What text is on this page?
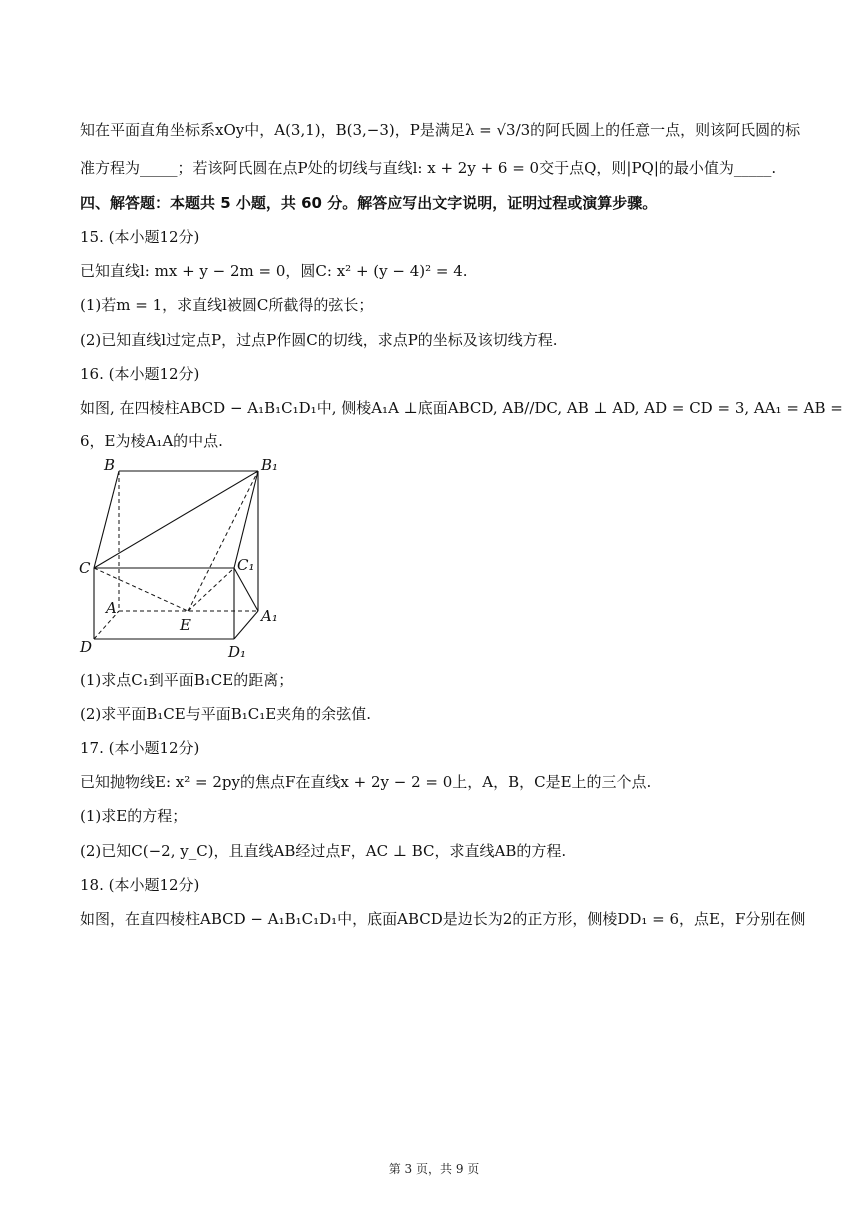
知在平面直角坐标系xOy中，A(3,1)，B(3,−3)，P是满足λ = √3/3的阿氏圆上的任意一点，则该阿氏圆的标
准方程为_____；若该阿氏圆在点P处的切线与直线l: x + 2y + 6 = 0交于点Q，则|PQ|的最小值为_____.
四、解答题：本题共 5 小题，共 60 分。解答应写出文字说明，证明过程或演算步骤。
15. (本小题12分)
已知直线l: mx + y − 2m = 0，圆C: x² + (y − 4)² = 4.
(1)若m = 1，求直线l被圆C所截得的弦长；
(2)已知直线l过定点P，过点P作圆C的切线，求点P的坐标及该切线方程.
16. (本小题12分)
如图, 在四棱柱ABCD − A₁B₁C₁D₁中, 侧棱A₁A ⊥底面ABCD, AB//DC, AB ⊥ AD, AD = CD = 3, AA₁ = AB =
6，E为棱A₁A的中点.
B	B₁
C	C₁
A	A₁
E
D	D₁
(1)求点C₁到平面B₁CE的距离；
(2)求平面B₁CE与平面B₁C₁E夹角的余弦值.
17. (本小题12分)
已知抛物线E: x² = 2py的焦点F在直线x + 2y − 2 = 0上，A，B，C是E上的三个点.
(1)求E的方程；
(2)已知C(−2, y_C)，且直线AB经过点F，AC ⊥ BC，求直线AB的方程.
18. (本小题12分)
如图，在直四棱柱ABCD − A₁B₁C₁D₁中，底面ABCD是边长为2的正方形，侧棱DD₁ = 6，点E，F分别在侧
第 3 页，共 9 页
